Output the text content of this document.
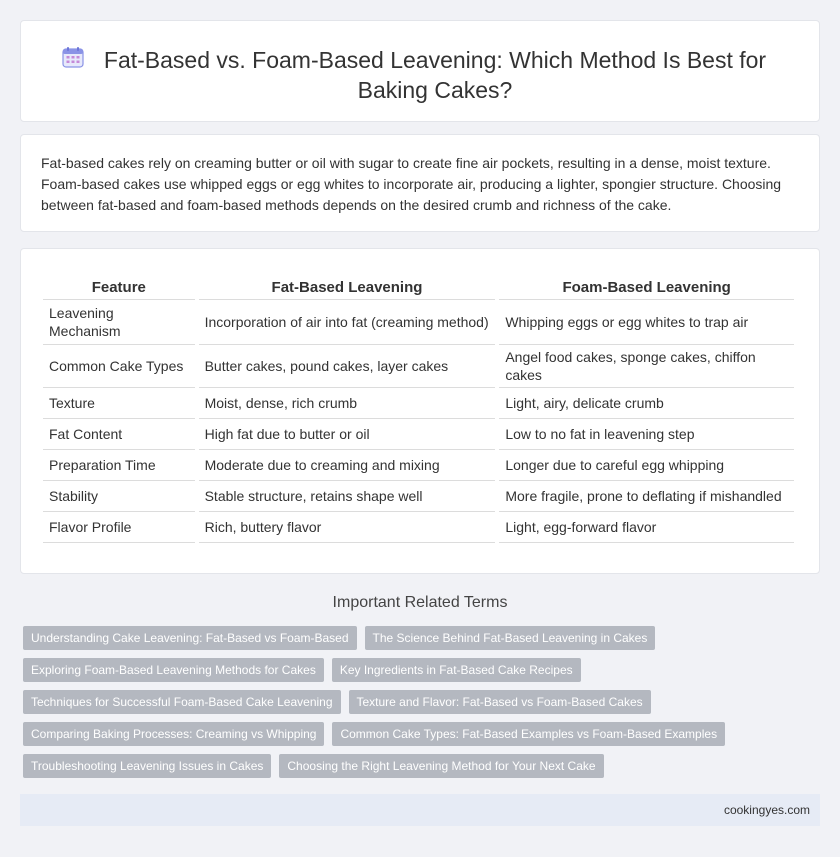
Fat-Based vs. Foam-Based Leavening: Which Method Is Best for Baking Cakes?

Fat-based cakes rely on creaming butter or oil with sugar to create fine air pockets, resulting in a dense, moist texture. Foam-based cakes use whipped eggs or egg whites to incorporate air, producing a lighter, spongier structure. Choosing between fat-based and foam-based methods depends on the desired crumb and richness of the cake.

Feature	Fat-Based Leavening	Foam-Based Leavening
Leavening Mechanism	Incorporation of air into fat (creaming method)	Whipping eggs or egg whites to trap air
Common Cake Types	Butter cakes, pound cakes, layer cakes	Angel food cakes, sponge cakes, chiffon cakes
Texture	Moist, dense, rich crumb	Light, airy, delicate crumb
Fat Content	High fat due to butter or oil	Low to no fat in leavening step
Preparation Time	Moderate due to creaming and mixing	Longer due to careful egg whipping
Stability	Stable structure, retains shape well	More fragile, prone to deflating if mishandled
Flavor Profile	Rich, buttery flavor	Light, egg-forward flavor
Important Related Terms
Understanding Cake Leavening: Fat-Based vs Foam-Based	The Science Behind Fat-Based Leavening in Cakes
Exploring Foam-Based Leavening Methods for Cakes	Key Ingredients in Fat-Based Cake Recipes
Techniques for Successful Foam-Based Cake Leavening	Texture and Flavor: Fat-Based vs Foam-Based Cakes
Comparing Baking Processes: Creaming vs Whipping	Common Cake Types: Fat-Based Examples vs Foam-Based Examples
Troubleshooting Leavening Issues in Cakes	Choosing the Right Leavening Method for Your Next Cake
cookingyes.com
